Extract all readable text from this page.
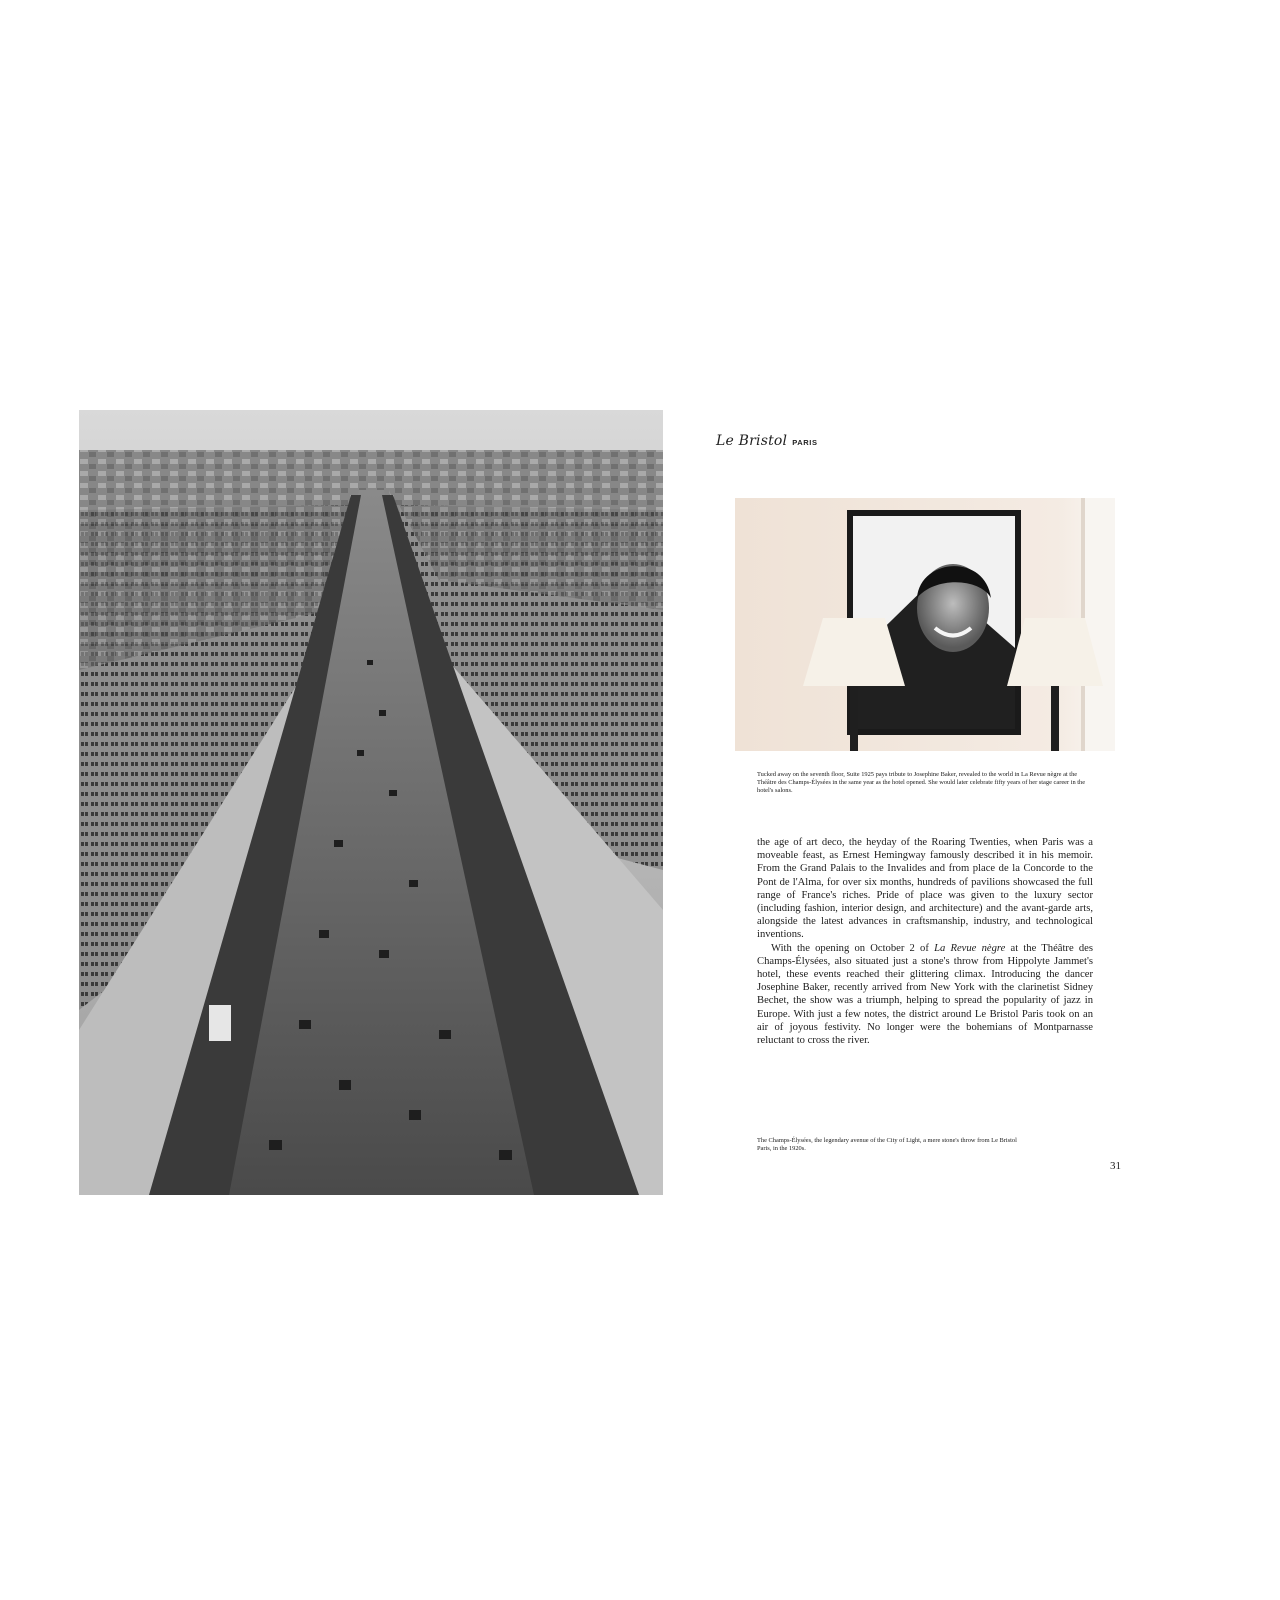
Le Bristol PARIS
Tucked away on the seventh floor, Suite 1925 pays tribute to Josephine Baker, revealed to the world in La Revue nègre at the Théâtre des Champs-Élysées in the same year as the hotel opened. She would later celebrate fifty years of her stage career in the hotel's salons.

the age of art deco, the heyday of the Roaring Twenties, when Paris was a moveable feast, as Ernest Hemingway famously described it in his memoir. From the Grand Palais to the Invalides and from place de la Concorde to the Pont de l'Alma, for over six months, hundreds of pavilions showcased the full range of France's riches. Pride of place was given to the luxury sector (including fashion, interior design, and architecture) and the avant-garde arts, alongside the latest advances in craftsmanship, industry, and technological inventions.

With the opening on October 2 of La Revue nègre at the Théâtre des Champs-Élysées, also situated just a stone's throw from Hippolyte Jammet's hotel, these events reached their glittering climax. Introducing the dancer Josephine Baker, recently arrived from New York with the clarinetist Sidney Bechet, the show was a triumph, helping to spread the popularity of jazz in Europe. With just a few notes, the district around Le Bristol Paris took on an air of joyous festivity. No longer were the bohemians of Montparnasse reluctant to cross the river.

The Champs-Élysées, the legendary avenue of the City of Light, a mere stone's throw from Le Bristol Paris, in the 1920s.
31
